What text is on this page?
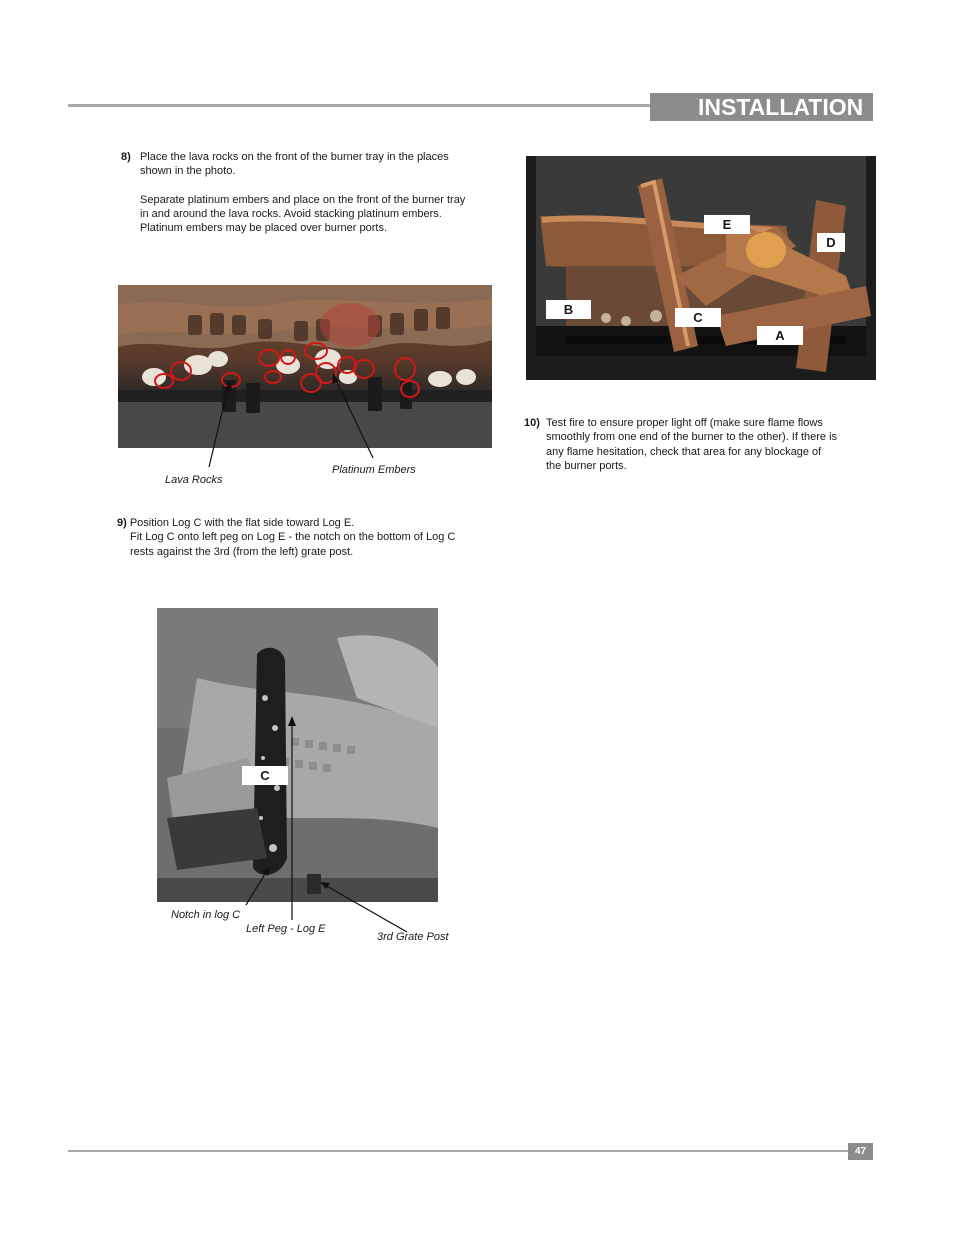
INSTALLATION

8) Place the lava rocks on the front of the burner tray in the places

shown in the photo.

Separate platinum embers and place on the front of the burner tray

in and around the lava rocks. Avoid stacking platinum embers.

Platinum embers may be placed over burner ports.

Lava Rocks
Platinum Embers
E
D
B
C
A

10) Test fire to ensure proper light off (make sure flame flows

smoothly from one end of the burner to the other). If there is

any flame hesitation, check that area for any blockage of

the burner ports.

9) Position Log C with the flat side toward Log E.

Fit Log C onto left peg on Log E - the notch on the bottom of Log C

rests against the 3rd (from the left) grate post.

C
Notch in log C
Left Peg - Log E
3rd Grate Post
47
